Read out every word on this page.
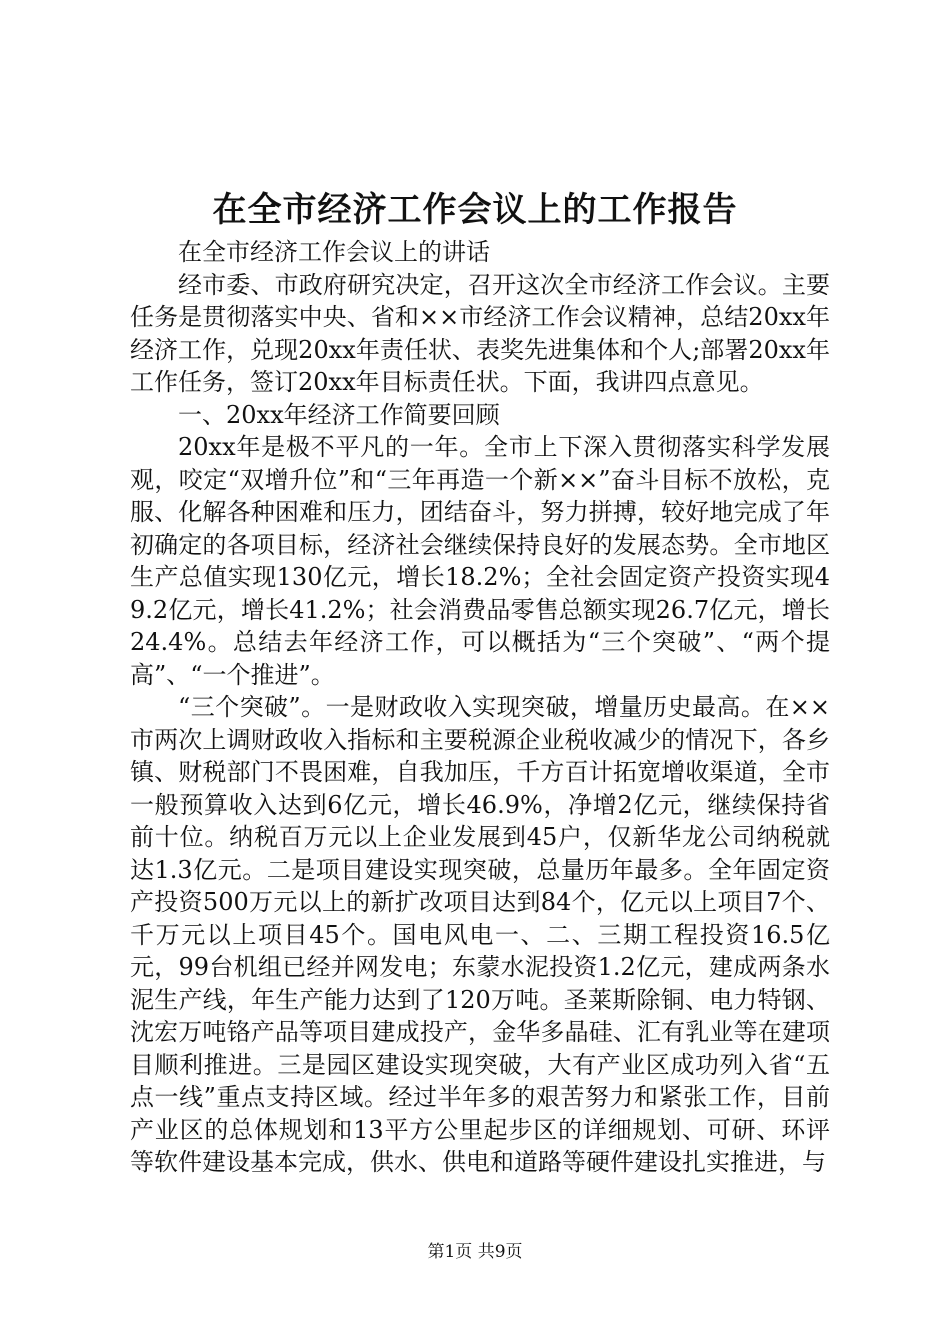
在全市经济工作会议上的工作报告

在全市经济工作会议上的讲话

经市委、市政府研究决定，召开这次全市经济工作会议。主要任务是贯彻落实中央、省和××市经济工作会议精神，总结20xx年经济工作，兑现20xx年责任状、表奖先进集体和个人;部署20xx年工作任务，签订20xx年目标责任状。下面，我讲四点意见。

一、20xx年经济工作简要回顾

20xx年是极不平凡的一年。全市上下深入贯彻落实科学发展观，咬定“双增升位”和“三年再造一个新××”奋斗目标不放松，克服、化解各种困难和压力，团结奋斗，努力拼搏，较好地完成了年初确定的各项目标，经济社会继续保持良好的发展态势。全市地区生产总值实现130亿元，增长18.2%；全社会固定资产投资实现49.2亿元，增长41.2%；社会消费品零售总额实现26.7亿元，增长24.4%。总结去年经济工作，可以概括为“三个突破”、“两个提高”、“一个推进”。

“三个突破”。一是财政收入实现突破，增量历史最高。在××市两次上调财政收入指标和主要税源企业税收减少的情况下，各乡镇、财税部门不畏困难，自我加压，千方百计拓宽增收渠道，全市一般预算收入达到6亿元，增长46.9%，净增2亿元，继续保持省前十位。纳税百万元以上企业发展到45户，仅新华龙公司纳税就达1.3亿元。二是项目建设实现突破，总量历年最多。全年固定资产投资500万元以上的新扩改项目达到84个，亿元以上项目7个、千万元以上项目45个。国电风电一、二、三期工程投资16.5亿元，99台机组已经并网发电；东蒙水泥投资1.2亿元，建成两条水泥生产线，年生产能力达到了120万吨。圣莱斯除铜、电力特钢、沈宏万吨铬产品等项目建成投产，金华多晶硅、汇有乳业等在建项目顺利推进。三是园区建设实现突破，大有产业区成功列入省“五点一线”重点支持区域。经过半年多的艰苦努力和紧张工作，目前产业区的总体规划和13平方公里起步区的详细规划、可研、环评等软件建设基本完成，供水、供电和道路等硬件建设扎实推进，与

第1页 共9页
